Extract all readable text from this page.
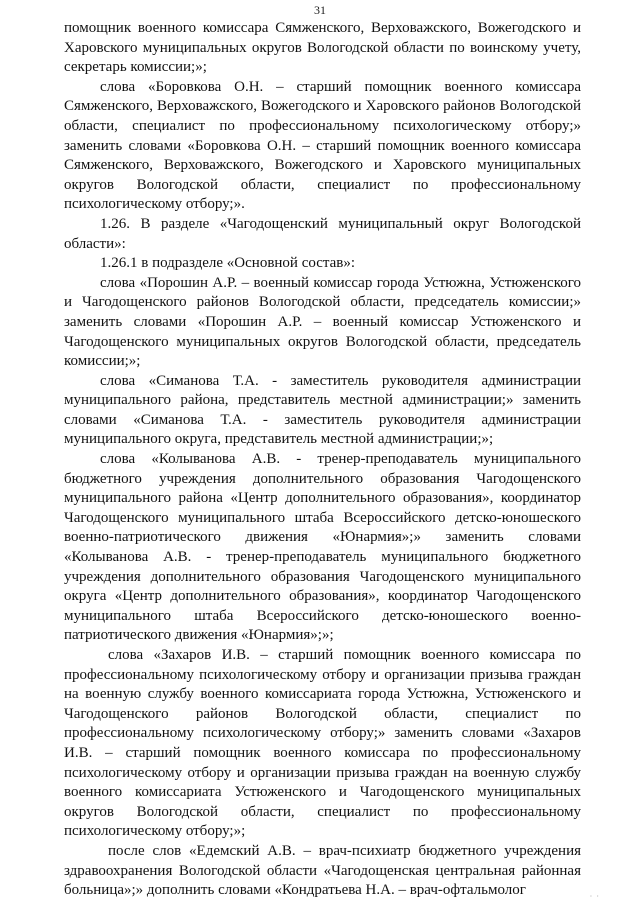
31

помощник военного комиссара Сямженского, Верховажского, Вожегодского и Харовского муниципальных округов Вологодской области по воинскому учету, секретарь комиссии;»;

слова «Боровкова О.Н. – старший помощник военного комиссара Сямженского, Верховажского, Вожегодского и Харовского районов Вологодской области, специалист по профессиональному психологическому отбору;» заменить словами «Боровкова О.Н. – старший помощник военного комиссара Сямженского, Верховажского, Вожегодского и Харовского муниципальных округов Вологодской области, специалист по профессиональному психологическому отбору;».

1.26. В разделе «Чагодощенский муниципальный округ Вологодской области»:

1.26.1 в подразделе «Основной состав»:

слова «Порошин А.Р. – военный комиссар города Устюжна, Устюженского и Чагодощенского районов Вологодской области, председатель комиссии;» заменить словами «Порошин А.Р. – военный комиссар Устюженского и Чагодощенского муниципальных округов Вологодской области, председатель комиссии;»;

слова «Симанова Т.А. - заместитель руководителя администрации муниципального района, представитель местной администрации;» заменить словами «Симанова Т.А. - заместитель руководителя администрации муниципального округа, представитель местной администрации;»;

слова «Колыванова А.В. - тренер-преподаватель муниципального бюджетного учреждения дополнительного образования Чагодощенского муниципального района «Центр дополнительного образования», координатор Чагодощенского муниципального штаба Всероссийского детско-юношеского военно-патриотического движения «Юнармия»;» заменить словами «Колыванова А.В. - тренер-преподаватель муниципального бюджетного учреждения дополнительного образования Чагодощенского муниципального округа «Центр дополнительного образования», координатор Чагодощенского муниципального штаба Всероссийского детско-юношеского военно-патриотического движения «Юнармия»;»;

слова «Захаров И.В. – старший помощник военного комиссара по профессиональному психологическому отбору и организации призыва граждан на военную службу военного комиссариата города Устюжна, Устюженского и Чагодощенского районов Вологодской области, специалист по профессиональному психологическому отбору;» заменить словами «Захаров И.В. – старший помощник военного комиссара по профессиональному психологическому отбору и организации призыва граждан на военную службу военного комиссариата Устюженского и Чагодощенского муниципальных округов Вологодской области, специалист по профессиональному психологическому отбору;»;

после слов «Едемский А.В. – врач-психиатр бюджетного учреждения здравоохранения Вологодской области «Чагодощенская центральная районная больница»;» дополнить словами «Кондратьева Н.А. – врач-офтальмолог	· ·
